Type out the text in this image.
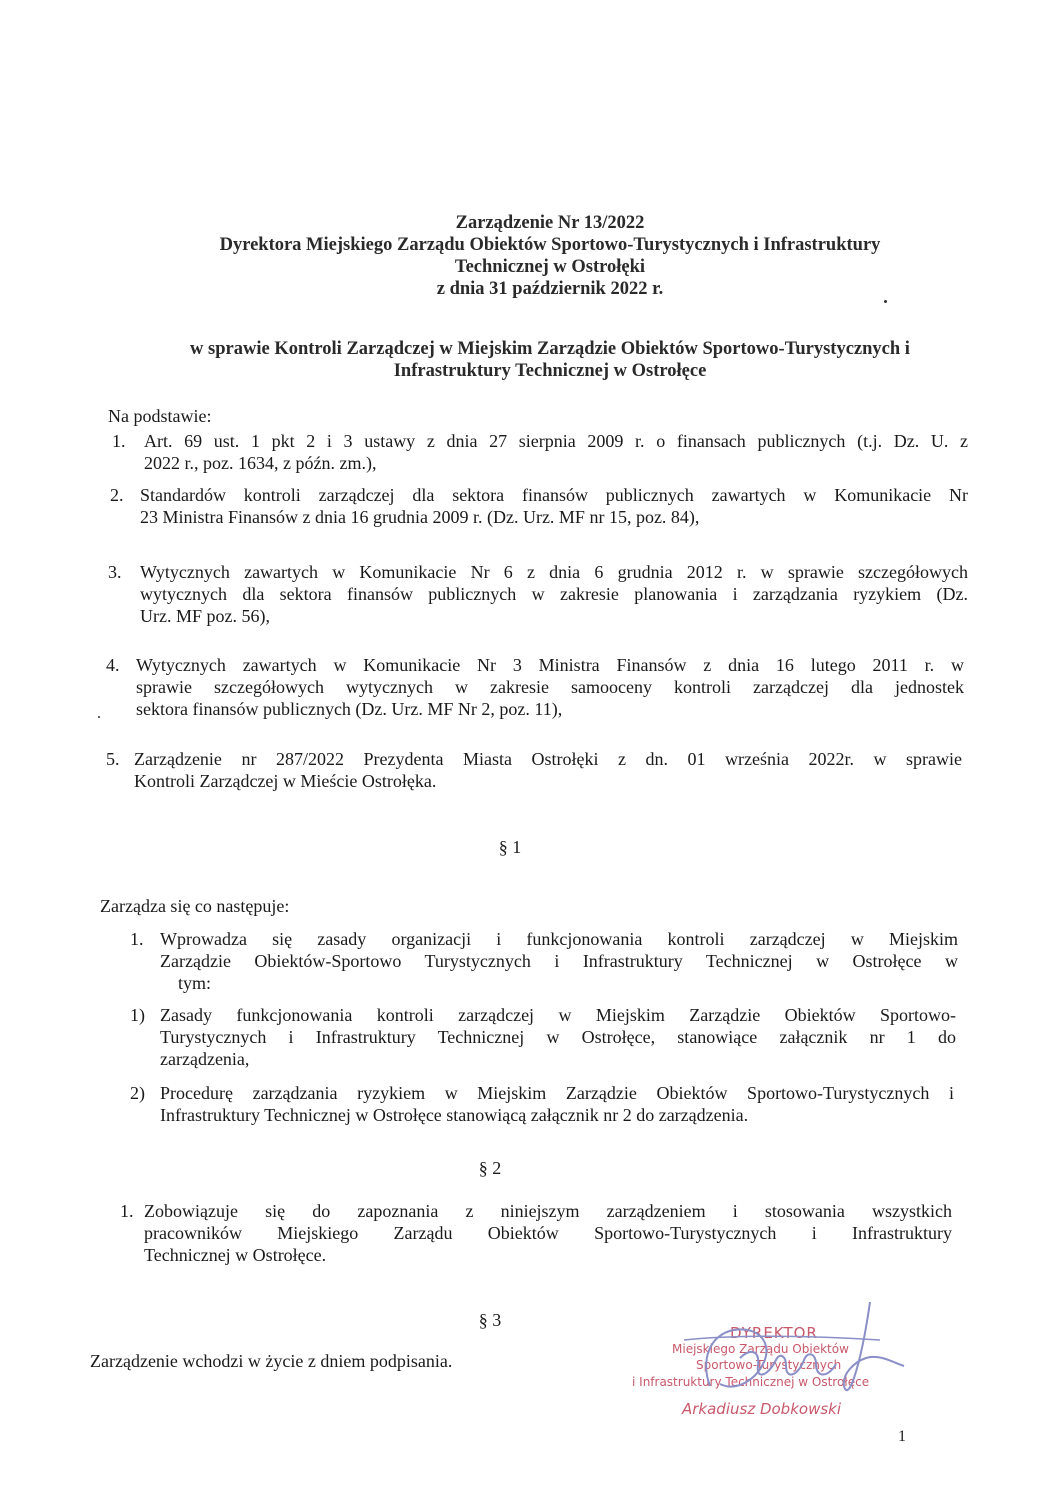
Zarządzenie Nr 13/2022
Dyrektora Miejskiego Zarządu Obiektów Sportowo-Turystycznych i Infrastruktury
Technicznej w Ostrołęki
z dnia 31 październik 2022 r.
w sprawie Kontroli Zarządczej w Miejskim Zarządzie Obiektów Sportowo-Turystycznych i
Infrastruktury Technicznej w Ostrołęce
Na podstawie:
1. Art. 69 ust. 1 pkt 2 i 3 ustawy z dnia 27 sierpnia 2009 r. o finansach publicznych (t.j. Dz. U. z
2022 r., poz. 1634, z późn. zm.),
2. Standardów kontroli zarządczej dla sektora finansów publicznych zawartych w Komunikacie Nr
23 Ministra Finansów z dnia 16 grudnia 2009 r. (Dz. Urz. MF nr 15, poz. 84),
3. Wytycznych zawartych w Komunikacie Nr 6 z dnia 6 grudnia 2012 r. w sprawie szczegółowych
wytycznych dla sektora finansów publicznych w zakresie planowania i zarządzania ryzykiem (Dz.
Urz. MF poz. 56),
4. Wytycznych zawartych w Komunikacie Nr 3 Ministra Finansów z dnia 16 lutego 2011 r. w
sprawie szczegółowych wytycznych w zakresie samooceny kontroli zarządczej dla jednostek
sektora finansów publicznych (Dz. Urz. MF Nr 2, poz. 11),
5. Zarządzenie nr 287/2022 Prezydenta Miasta Ostrołęki z dn. 01 września 2022r. w sprawie
Kontroli Zarządczej w Mieście Ostrołęka.
§ 1
Zarządza się co następuje:
1. Wprowadza się zasady organizacji i funkcjonowania kontroli zarządczej w Miejskim
Zarządzie Obiektów-Sportowo Turystycznych i Infrastruktury Technicznej w Ostrołęce w
tym:
1) Zasady funkcjonowania kontroli zarządczej w Miejskim Zarządzie Obiektów Sportowo-
Turystycznych i Infrastruktury Technicznej w Ostrołęce, stanowiące załącznik nr 1 do
zarządzenia,
2) Procedurę zarządzania ryzykiem w Miejskim Zarządzie Obiektów Sportowo-Turystycznych i
Infrastruktury Technicznej w Ostrołęce stanowiącą załącznik nr 2 do zarządzenia.
§ 2
1. Zobowiązuje się do zapoznania z niniejszym zarządzeniem i stosowania wszystkich
pracowników Miejskiego Zarządu Obiektów Sportowo-Turystycznych i Infrastruktury
Technicznej w Ostrołęce.
§ 3
Zarządzenie wchodzi w życie z dniem podpisania.
DYREKTOR
Miejskiego Zarządu Obiektów
Sportowo-Turystycznych
i Infrastruktury Technicznej w Ostrołęce
Arkadiusz Dobkowski
1
